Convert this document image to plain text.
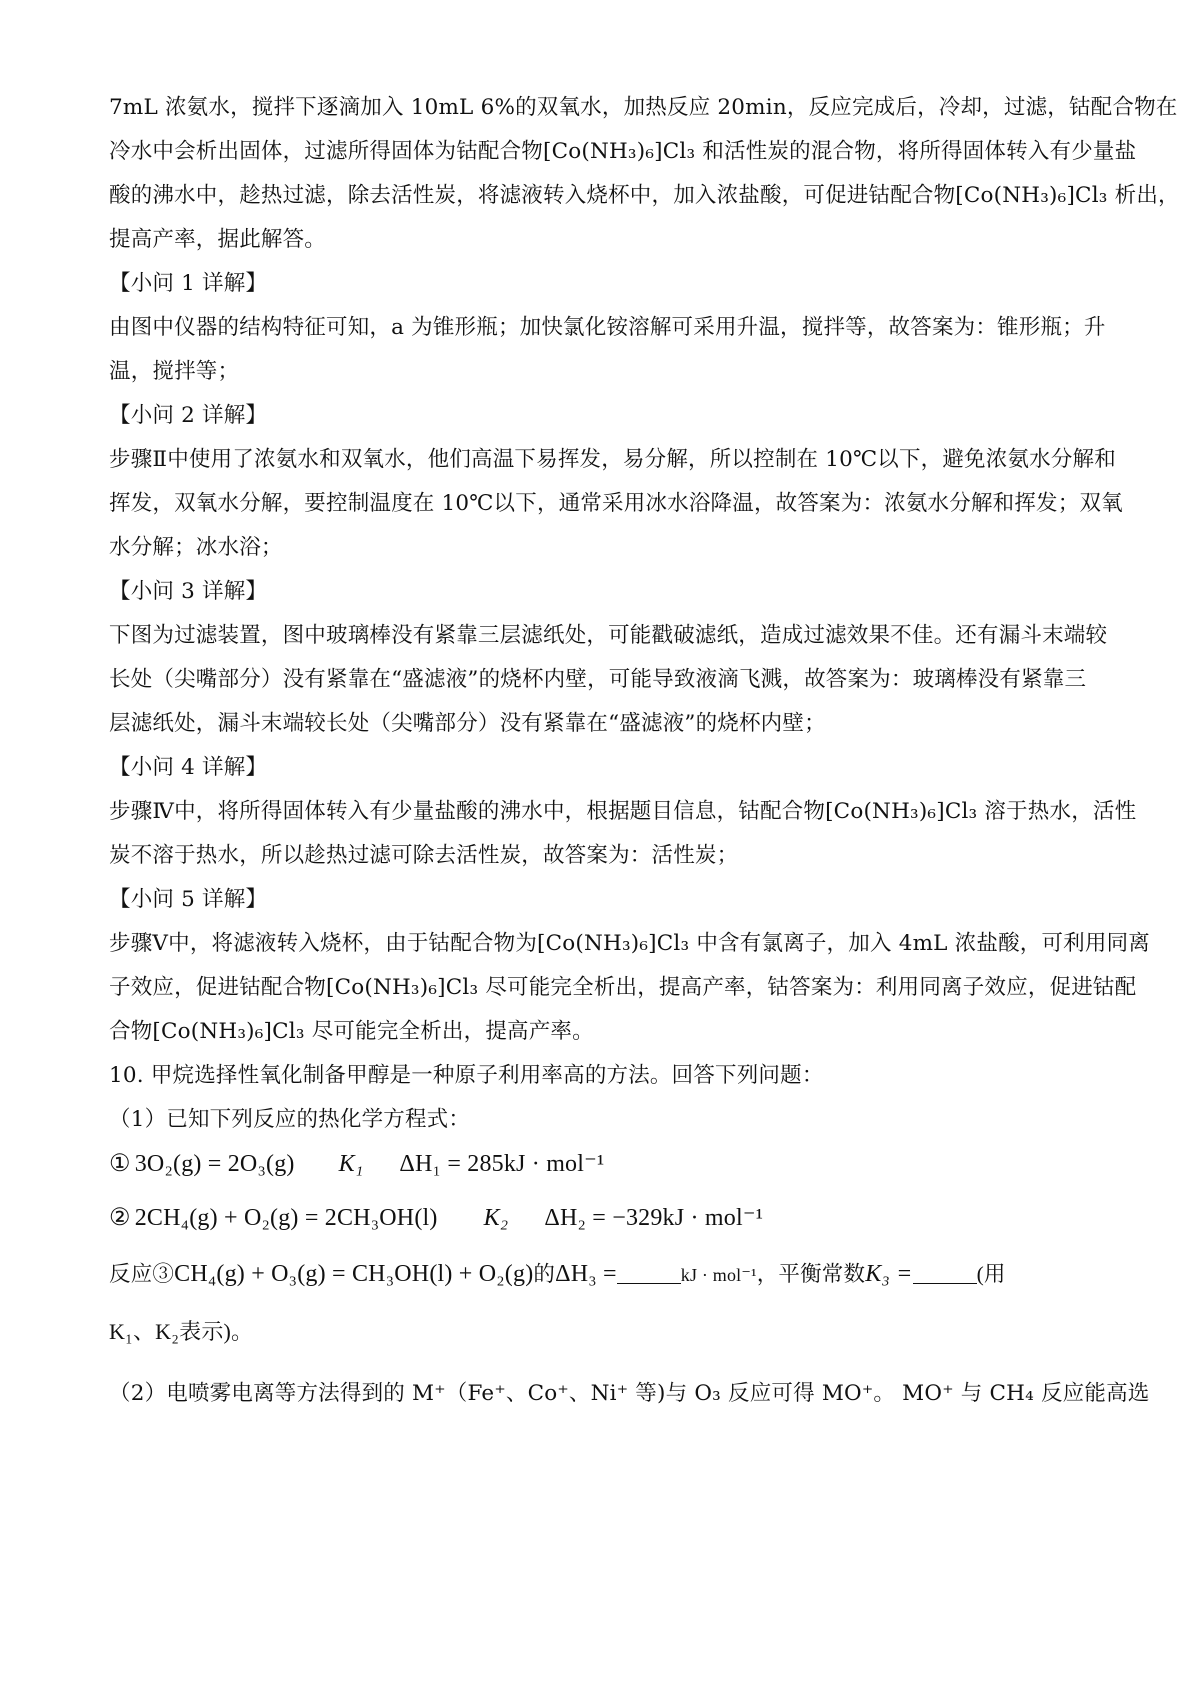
7mL 浓氨水，搅拌下逐滴加入 10mL 6%的双氧水，加热反应 20min，反应完成后，冷却，过滤，钴配合物在
冷水中会析出固体，过滤所得固体为钴配合物[Co(NH₃)₆]Cl₃ 和活性炭的混合物，将所得固体转入有少量盐
酸的沸水中，趁热过滤，除去活性炭，将滤液转入烧杯中，加入浓盐酸，可促进钴配合物[Co(NH₃)₆]Cl₃ 析出，
提高产率，据此解答。
【小问 1 详解】
由图中仪器的结构特征可知，a 为锥形瓶；加快氯化铵溶解可采用升温，搅拌等，故答案为：锥形瓶；升
温，搅拌等；
【小问 2 详解】
步骤Ⅱ中使用了浓氨水和双氧水，他们高温下易挥发，易分解，所以控制在 10℃以下，避免浓氨水分解和
挥发，双氧水分解，要控制温度在 10℃以下，通常采用冰水浴降温，故答案为：浓氨水分解和挥发；双氧
水分解；冰水浴；
【小问 3 详解】
下图为过滤装置，图中玻璃棒没有紧靠三层滤纸处，可能戳破滤纸，造成过滤效果不佳。还有漏斗末端较
长处（尖嘴部分）没有紧靠在“盛滤液”的烧杯内壁，可能导致液滴飞溅，故答案为：玻璃棒没有紧靠三
层滤纸处，漏斗末端较长处（尖嘴部分）没有紧靠在“盛滤液”的烧杯内壁；
【小问 4 详解】
步骤Ⅳ中，将所得固体转入有少量盐酸的沸水中，根据题目信息，钴配合物[Co(NH₃)₆]Cl₃ 溶于热水，活性
炭不溶于热水，所以趁热过滤可除去活性炭，故答案为：活性炭；
【小问 5 详解】
步骤Ⅴ中，将滤液转入烧杯，由于钴配合物为[Co(NH₃)₆]Cl₃ 中含有氯离子，加入 4mL 浓盐酸，可利用同离
子效应，促进钴配合物[Co(NH₃)₆]Cl₃ 尽可能完全析出，提高产率，钴答案为：利用同离子效应，促进钴配
合物[Co(NH₃)₆]Cl₃ 尽可能完全析出，提高产率。
10. 甲烷选择性氧化制备甲醇是一种原子利用率高的方法。回答下列问题：
（1）已知下列反应的热化学方程式：
① 3O₂(g) = 2O₃(g) K₁ ΔH₁ = 285kJ · mol⁻¹
② 2CH₄(g) + O₂(g) = 2CH₃OH(l) K₂ ΔH₂ = −329kJ · mol⁻¹
反应③CH₄(g) + O₃(g) = CH₃OH(l) + O₂(g)的ΔH₃ =	kJ · mol⁻¹，平衡常数K₃ =	(用
K₁、K₂表示)。
（2）电喷雾电离等方法得到的 M⁺（Fe⁺、Co⁺、Ni⁺ 等)与 O₃ 反应可得 MO⁺。 MO⁺ 与 CH₄ 反应能高选
